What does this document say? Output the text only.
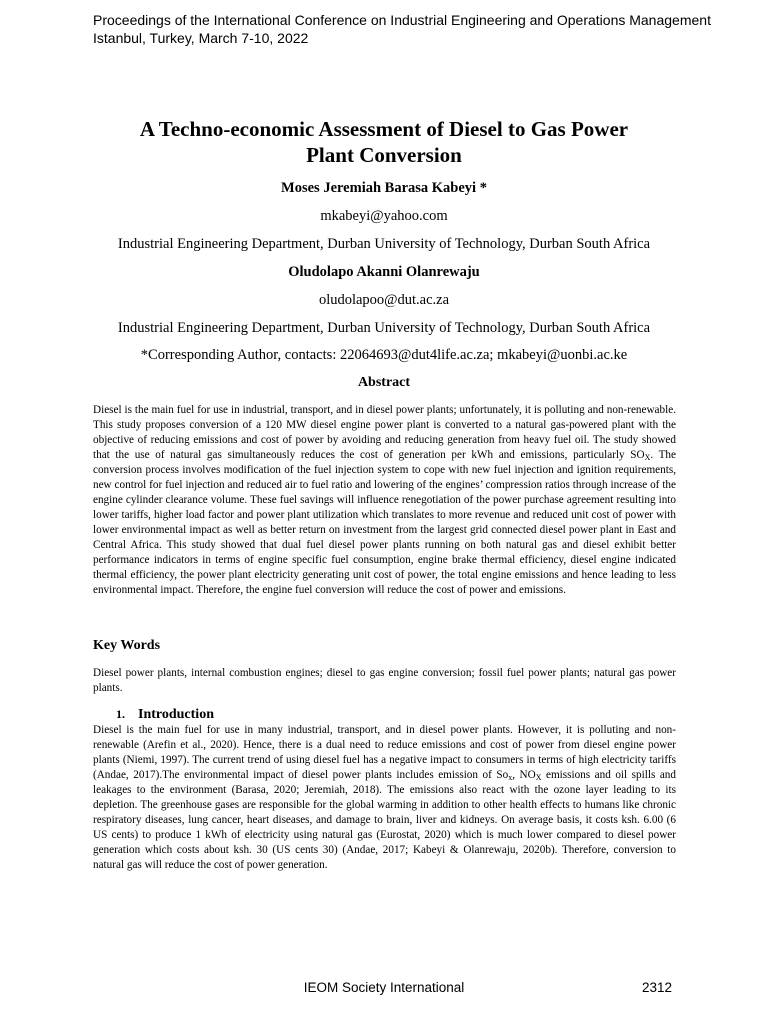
Proceedings of the International Conference on Industrial Engineering and Operations Management
Istanbul, Turkey, March 7-10, 2022
A Techno-economic Assessment of Diesel to Gas Power
Plant Conversion
Moses Jeremiah Barasa Kabeyi *
mkabeyi@yahoo.com
Industrial Engineering Department, Durban University of Technology, Durban South Africa
Oludolapo Akanni Olanrewaju
oludolapoo@dut.ac.za
Industrial Engineering Department, Durban University of Technology, Durban South Africa
*Corresponding Author, contacts: 22064693@dut4life.ac.za; mkabeyi@uonbi.ac.ke
Abstract
Diesel is the main fuel for use in industrial, transport, and in diesel power plants; unfortunately, it is polluting and non-renewable. This study proposes conversion of a 120 MW diesel engine power plant is converted to a natural gas-powered plant with the objective of reducing emissions and cost of power by avoiding and reducing generation from heavy fuel oil. The study showed that the use of natural gas simultaneously reduces the cost of generation per kWh and emissions, particularly $SO_X$. The conversion process involves modification of the fuel injection system to cope with new fuel injection and ignition requirements, new control for fuel injection and reduced air to fuel ratio and lowering of the engines’ compression ratios through increase of the engine cylinder clearance volume. These fuel savings will influence renegotiation of the power purchase agreement resulting into lower tariffs, higher load factor and power plant utilization which translates to more revenue and reduced unit cost of power with lower environmental impact as well as better return on investment from the largest grid connected diesel power plant in East and Central Africa. This study showed that dual fuel diesel power plants running on both natural gas and diesel exhibit better performance indicators in terms of engine specific fuel consumption, engine brake thermal efficiency, diesel engine indicated thermal efficiency, the power plant electricity generating unit cost of power, the total engine emissions and hence leading to less environmental impact. Therefore, the engine fuel conversion will reduce the cost of power and emissions.
Key Words
Diesel power plants, internal combustion engines; diesel to gas engine conversion; fossil fuel power plants; natural gas power plants.
1. Introduction
Diesel is the main fuel for use in many industrial, transport, and in diesel power plants. However, it is polluting and non-renewable (Arefin et al., 2020). Hence, there is a dual need to reduce emissions and cost of power from diesel engine power plants (Niemi, 1997). The current trend of using diesel fuel has a negative impact to consumers in terms of high electricity tariffs (Andae, 2017).The environmental impact of diesel power plants includes emission of $So_x$, $NO_X$ emissions and oil spills and leakages to the environment (Barasa, 2020; Jeremiah, 2018). The emissions also react with the ozone layer leading to its depletion. The greenhouse gases are responsible for the global warming in addition to other health effects to humans like chronic respiratory diseases, lung cancer, heart diseases, and damage to brain, liver and kidneys. On average basis, it costs ksh. 6.00 (6 US cents) to produce 1 kWh of electricity using natural gas (Eurostat, 2020) which is much lower compared to diesel power generation which costs about ksh. 30 (US cents 30) (Andae, 2017; Kabeyi & Olanrewaju, 2020b). Therefore, conversion to natural gas will reduce the cost of power generation.
IEOM Society International	2312
